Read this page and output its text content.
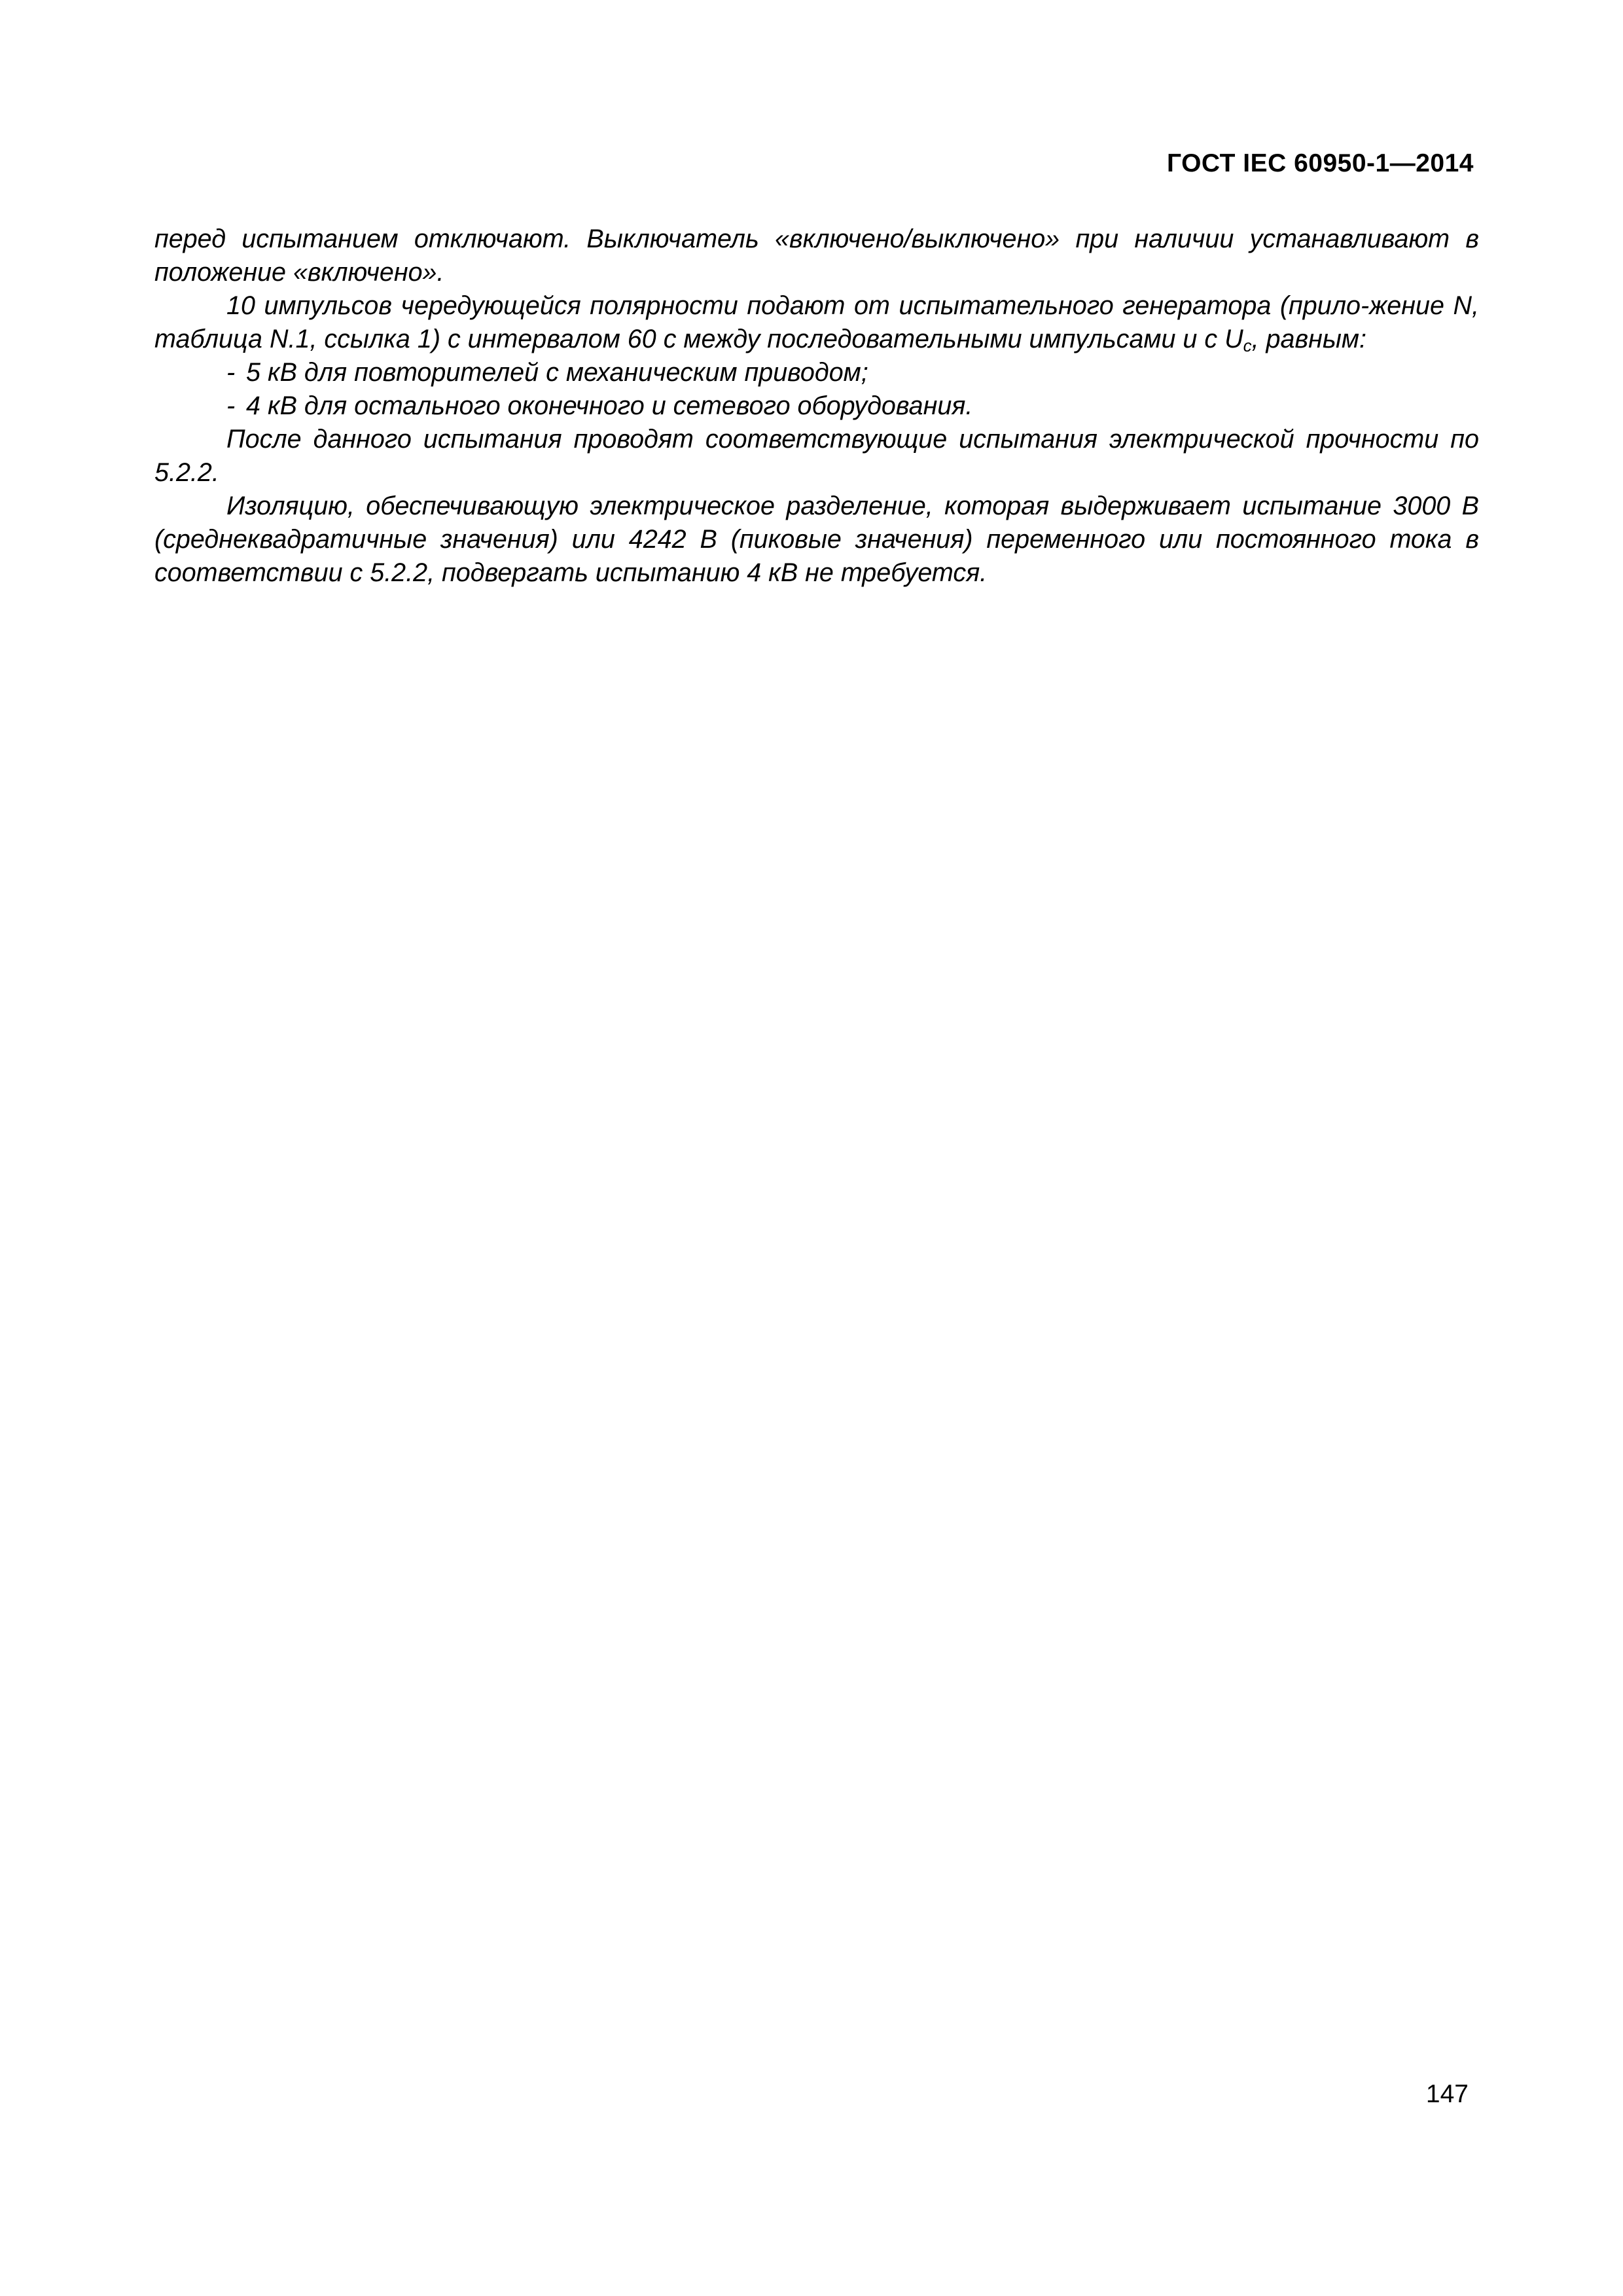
ГОСТ IEC 60950-1—2014

перед испытанием отключают. Выключатель «включено/выключено» при наличии устанавливают в положение «включено».

10 импульсов чередующейся полярности подают от испытательного генератора (прило-жение N, таблица N.1, ссылка 1) с интервалом 60 с между последовательными импульсами и с $U_с$, равным:

- 5 кВ для повторителей с механическим приводом;

- 4 кВ для остального оконечного и сетевого оборудования.

После данного испытания проводят соответствующие испытания электрической прочности по 5.2.2.

Изоляцию, обеспечивающую электрическое разделение, которая выдерживает испытание 3000 В (среднеквадратичные значения) или 4242 В (пиковые значения) переменного или постоянного тока в соответствии с 5.2.2, подвергать испытанию 4 кВ не требуется.

147
